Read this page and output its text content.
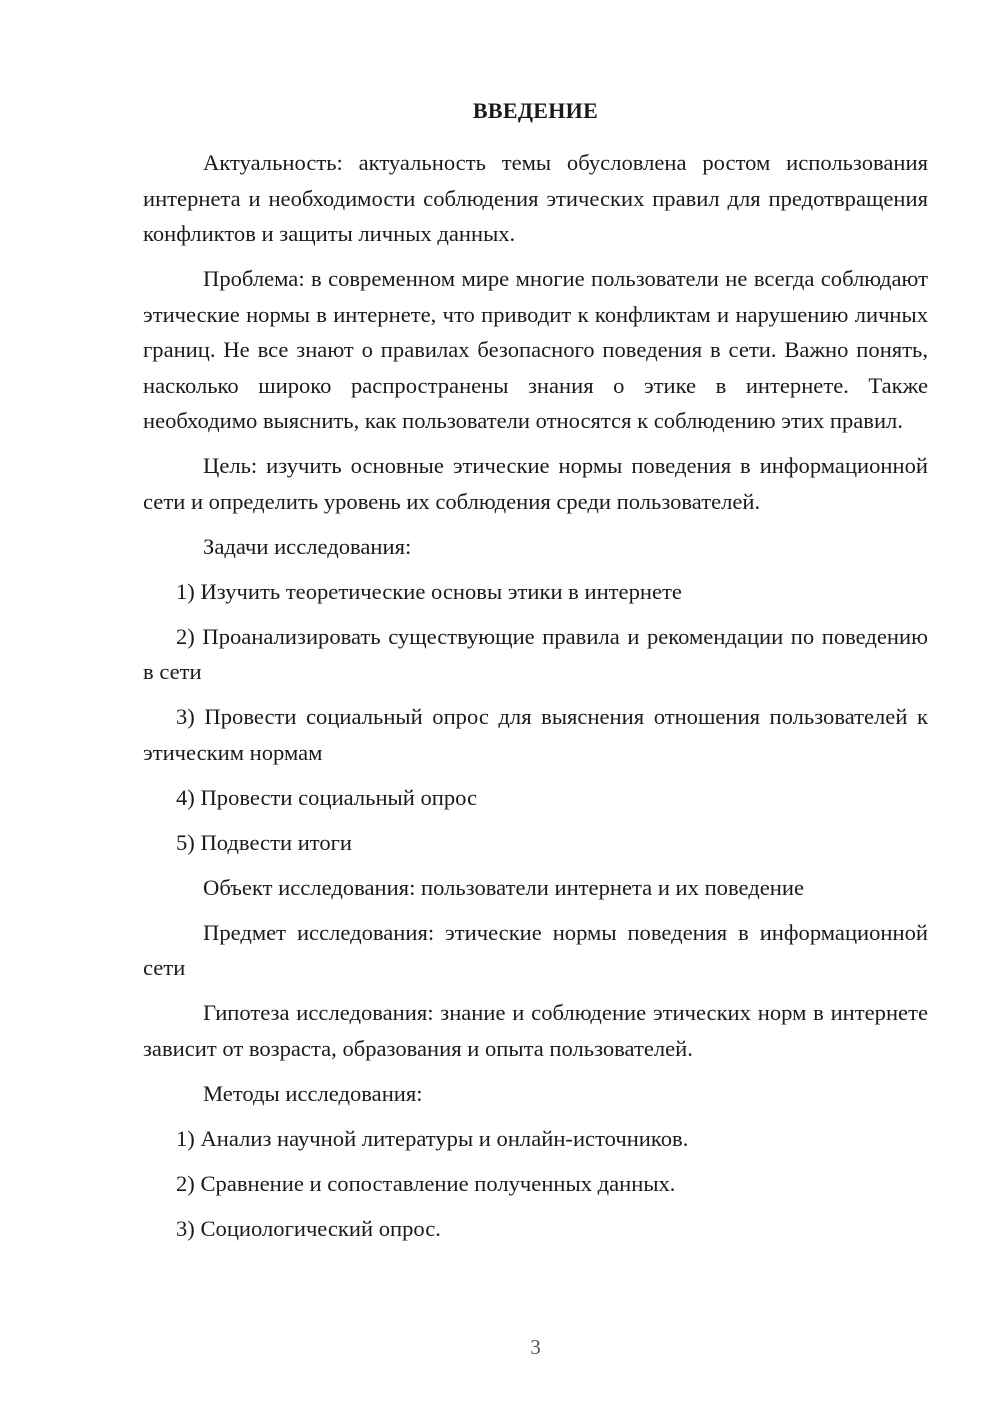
ВВЕДЕНИЕ

Актуальность: актуальность темы обусловлена ростом использования интернета и необходимости соблюдения этических правил для предотвращения конфликтов и защиты личных данных.

Проблема: в современном мире многие пользователи не всегда соблюдают этические нормы в интернете, что приводит к конфликтам и нарушению личных границ. Не все знают о правилах безопасного поведения в сети. Важно понять, насколько широко распространены знания о этике в интернете. Также необходимо выяснить, как пользователи относятся к соблюдению этих правил.

Цель: изучить основные этические нормы поведения в информационной сети и определить уровень их соблюдения среди пользователей.

Задачи исследования:

1) Изучить теоретические основы этики в интернете

2) Проанализировать существующие правила и рекомендации по поведению в сети

3) Провести социальный опрос для выяснения отношения пользователей к этическим нормам

4) Провести социальный опрос

5) Подвести итоги

Объект исследования: пользователи интернета и их поведение

Предмет исследования: этические нормы поведения в информационной сети

Гипотеза исследования: знание и соблюдение этических норм в интернете зависит от возраста, образования и опыта пользователей.

Методы исследования:

1) Анализ научной литературы и онлайн-источников.

2) Сравнение и сопоставление полученных данных.

3) Социологический опрос.

3
